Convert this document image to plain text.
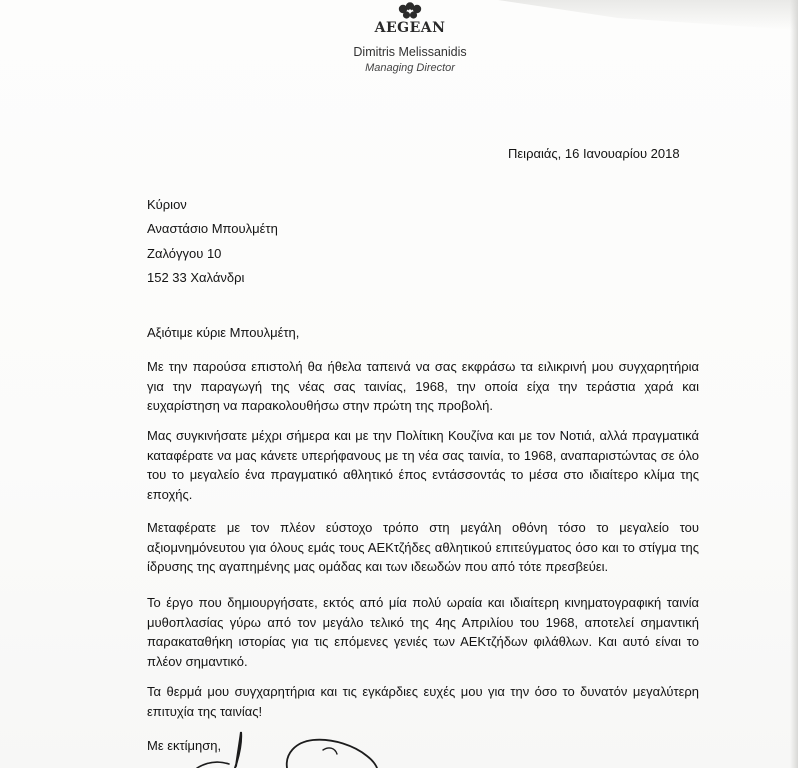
AEGEAN
Dimitris Melissanidis
Managing Director
Πειραιάς, 16 Ιανουαρίου 2018
Κύριον
Αναστάσιο Μπουλμέτη
Ζαλόγγου 10
152 33 Χαλάνδρι
Αξιότιμε κύριε Μπουλμέτη,
Με την παρούσα επιστολή θα ήθελα ταπεινά να σας εκφράσω τα ειλικρινή μου συγχαρητήρια για την παραγωγή της νέας σας ταινίας, 1968, την οποία είχα την τεράστια χαρά και ευχαρίστηση να παρακολουθήσω στην πρώτη της προβολή.
Μας συγκινήσατε μέχρι σήμερα και με την Πολίτικη Κουζίνα και με τον Νοτιά, αλλά πραγματικά καταφέρατε να μας κάνετε υπερήφανους με τη νέα σας ταινία, το 1968, αναπαριστώντας σε όλο του το μεγαλείο ένα πραγματικό αθλητικό έπος εντάσσοντάς το μέσα στο ιδιαίτερο κλίμα της εποχής.
Μεταφέρατε με τον πλέον εύστοχο τρόπο στη μεγάλη οθόνη τόσο το μεγαλείο του αξιομνημόνευτου για όλους εμάς τους ΑΕΚτζήδες αθλητικού επιτεύγματος όσο και το στίγμα της ίδρυσης της αγαπημένης μας ομάδας και των ιδεωδών που από τότε πρεσβεύει.
Το έργο που δημιουργήσατε, εκτός από μία πολύ ωραία και ιδιαίτερη κινηματογραφική ταινία μυθοπλασίας γύρω από τον μεγάλο τελικό της 4ης Απριλίου του 1968, αποτελεί σημαντική παρακαταθήκη ιστορίας για τις επόμενες γενιές των ΑΕΚτζήδων φιλάθλων. Και αυτό είναι το πλέον σημαντικό.
Τα θερμά μου συγχαρητήρια και τις εγκάρδιες ευχές μου για την όσο το δυνατόν μεγαλύτερη επιτυχία της ταινίας!
Με εκτίμηση,
